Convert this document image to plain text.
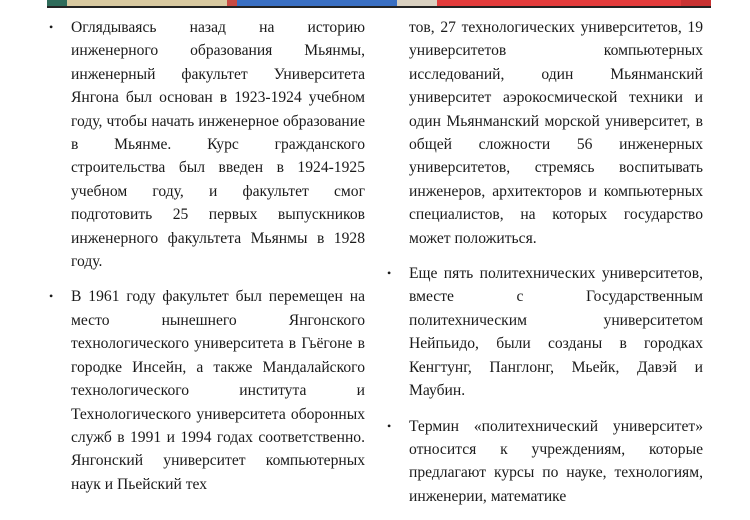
• Оглядываясь назад на историю инженерного образования Мьянмы, инженерный факультет Университета Янгона был основан в 1923-1924 учебном году, чтобы начать инженерное образование в Мьянме. Курс гражданского строительства был введен в 1924-1925 учебном году, и факультет смог подготовить 25 первых выпускников инженерного факультета Мьянмы в 1928 году.

• В 1961 году факультет был перемещен на место нынешнего Янгонского технологического университета в Гьёгоне в городке Инсейн, а также Мандалайского технологического института и Технологического университета оборонных служб в 1991 и 1994 годах соответственно. Янгонский университет компьютерных наук и Пьейский тех

тов, 27 технологических университетов, 19 университетов компьютерных исследований, один Мьянманский университет аэрокосмической техники и один Мьянманский морской университет, в общей сложности 56 инженерных университетов, стремясь воспитывать инженеров, архитекторов и компьютерных специалистов, на которых государство может положиться.

• Еще пять политехнических университетов, вместе с Государственным политехническим университетом Нейпьидо, были созданы в городках Кенгтунг, Панглонг, Мьейк, Давэй и Маубин.

• Термин «политехнический университет» относится к учреждениям, которые предлагают курсы по науке, технологиям, инженерии, математике
